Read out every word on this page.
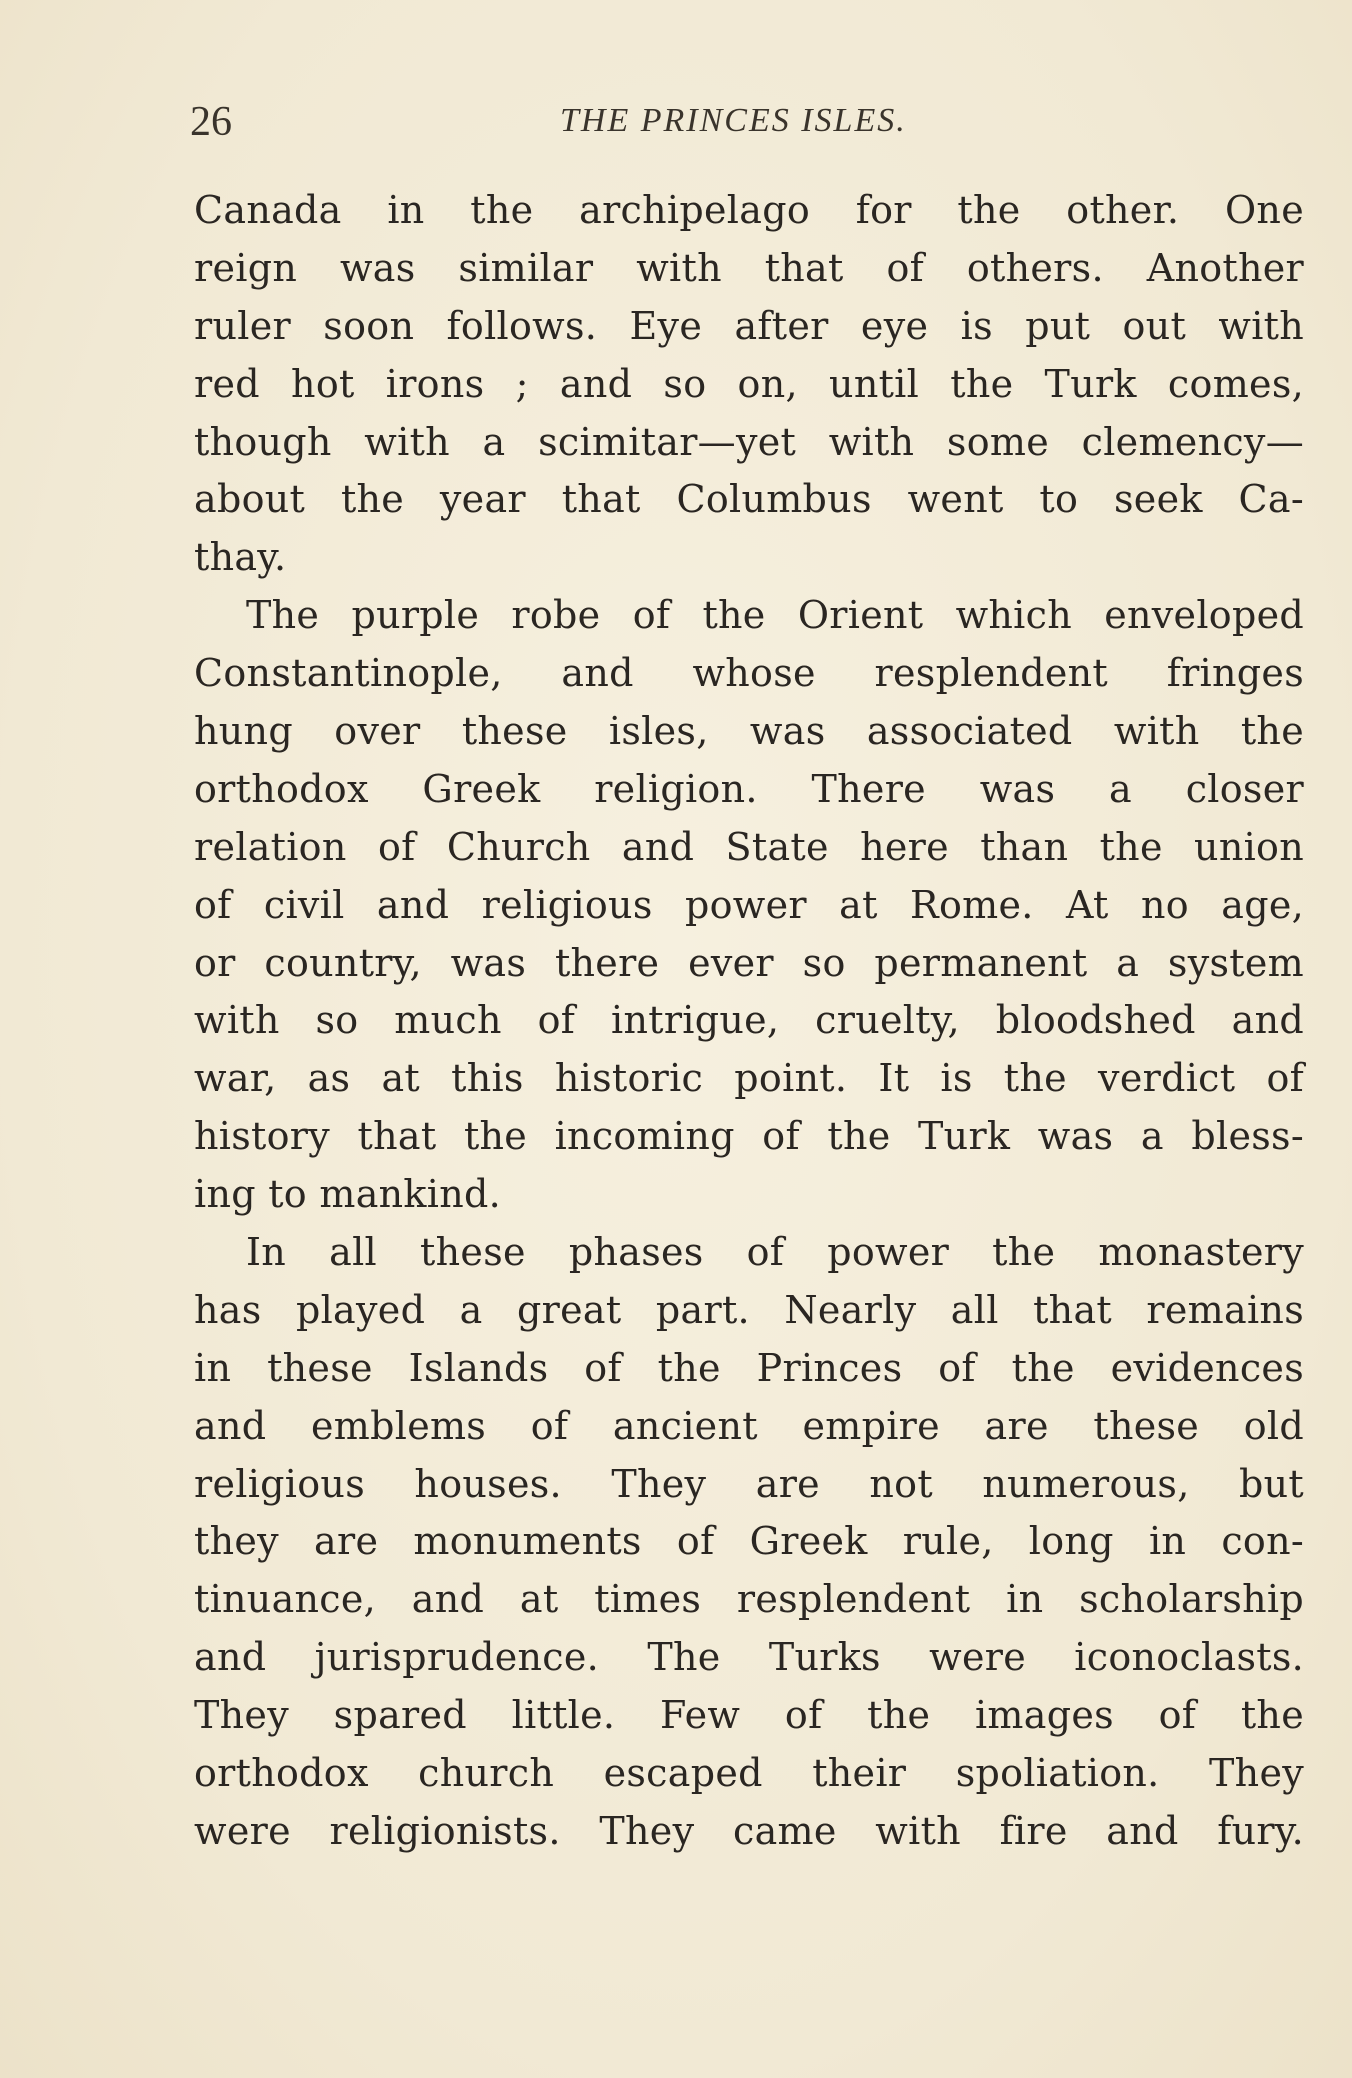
26	THE PRINCES ISLES.
Canada in the archipelago for the other. One
reign was similar with that of others. Another
ruler soon follows. Eye after eye is put out with
red hot irons ; and so on, until the Turk comes,
though with a scimitar—yet with some clemency—
about the year that Columbus went to seek Ca-
thay.
The purple robe of the Orient which enveloped
Constantinople, and whose resplendent fringes
hung over these isles, was associated with the
orthodox Greek religion. There was a closer
relation of Church and State here than the union
of civil and religious power at Rome. At no age,
or country, was there ever so permanent a system
with so much of intrigue, cruelty, bloodshed and
war, as at this historic point. It is the verdict of
history that the incoming of the Turk was a bless-
ing to mankind.
In all these phases of power the monastery
has played a great part. Nearly all that remains
in these Islands of the Princes of the evidences
and emblems of ancient empire are these old
religious houses. They are not numerous, but
they are monuments of Greek rule, long in con-
tinuance, and at times resplendent in scholarship
and jurisprudence. The Turks were iconoclasts.
They spared little. Few of the images of the
orthodox church escaped their spoliation. They
were religionists. They came with fire and fury.
